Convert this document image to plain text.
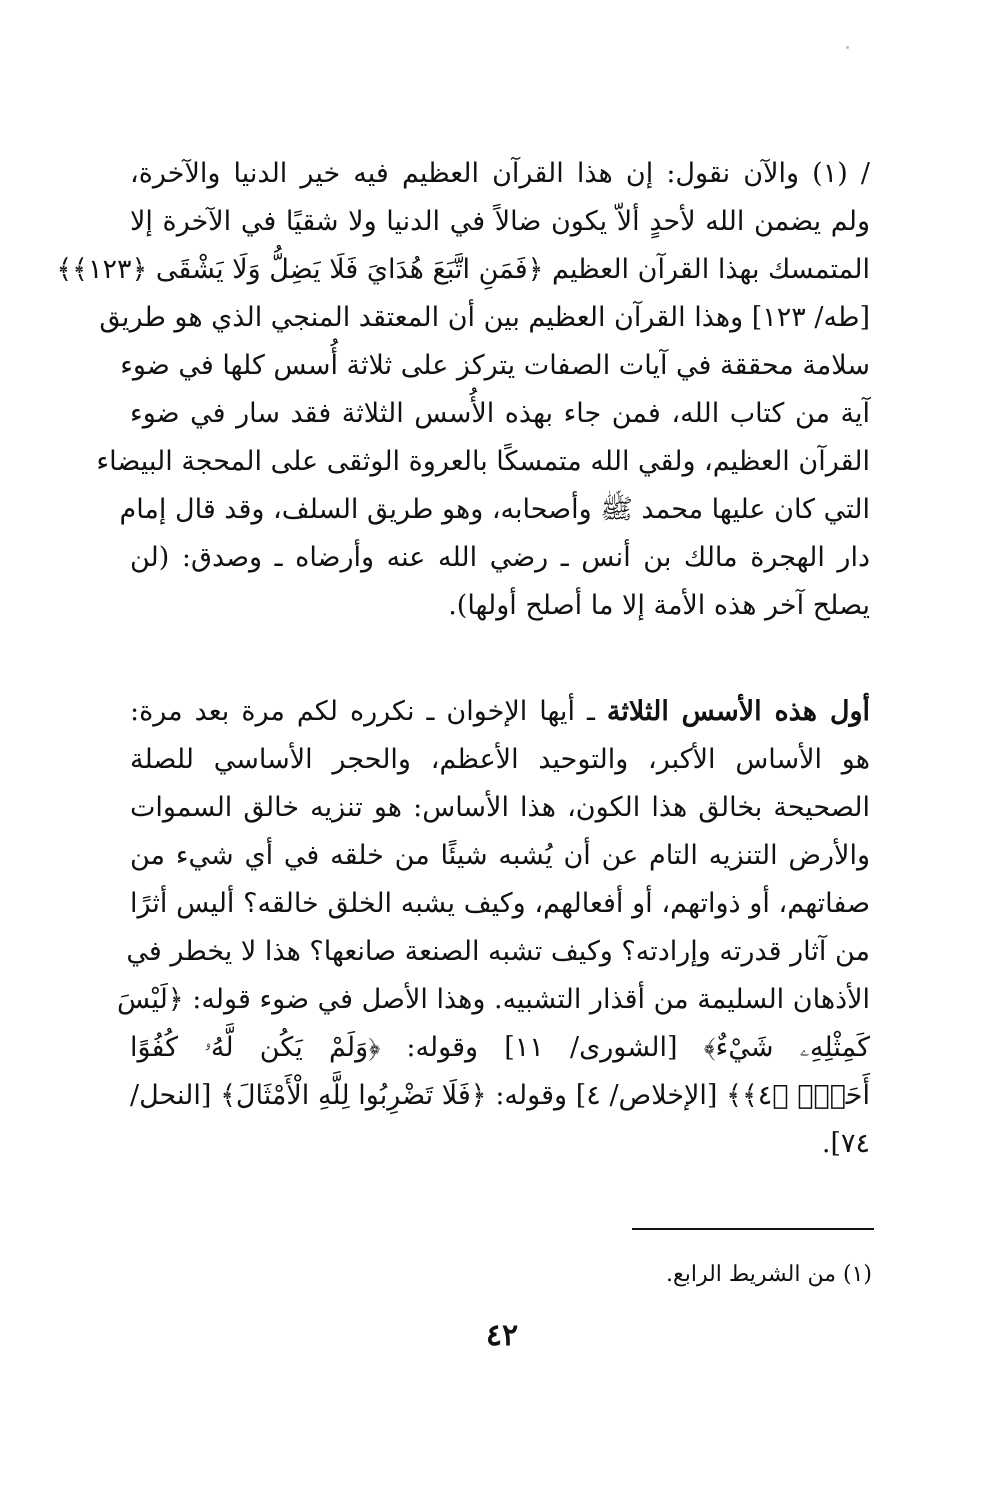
/ (١) والآن نقول: إن هذا القرآن العظيم فيه خير الدنيا والآخرة،
ولم يضمن الله لأحدٍ ألاّ يكون ضالاً في الدنيا ولا شقيًا في الآخرة إلا
المتمسك بهذا القرآن العظيم ﴿فَمَنِ اتَّبَعَ هُدَايَ فَلَا يَضِلُّ وَلَا يَشْقَى ﴿١٢٣﴾﴾
[طه/ ١٢٣] وهذا القرآن العظيم بين أن المعتقد المنجي الذي هو طريق
سلامة محققة في آيات الصفات يتركز على ثلاثة أُسس كلها في ضوء
آية من كتاب الله، فمن جاء بهذه الأُسس الثلاثة فقد سار في ضوء
القرآن العظيم، ولقي الله متمسكًا بالعروة الوثقى على المحجة البيضاء
التي كان عليها محمد ﷺ وأصحابه، وهو طريق السلف، وقد قال إمام
دار الهجرة مالك بن أنس ـ رضي الله عنه وأرضاه ـ وصدق: (لن
يصلح آخر هذه الأمة إلا ما أصلح أولها).
أول هذه الأسس الثلاثة ـ أيها الإخوان ـ نكرره لكم مرة بعد مرة:
هو الأساس الأكبر، والتوحيد الأعظم، والحجر الأساسي للصلة
الصحيحة بخالق هذا الكون، هذا الأساس: هو تنزيه خالق السموات
والأرض التنزيه التام عن أن يُشبه شيئًا من خلقه في أي شيء من
صفاتهم، أو ذواتهم، أو أفعالهم، وكيف يشبه الخلق خالقه؟ أليس أثرًا
من آثار قدرته وإرادته؟ وكيف تشبه الصنعة صانعها؟ هذا لا يخطر في
الأذهان السليمة من أقذار التشبيه. وهذا الأصل في ضوء قوله: ﴿لَيْسَ
كَمِثْلِهِۦ شَيْءٌ﴾ [الشورى/ ١١] وقوله: ﴿وَلَمْ يَكُن لَّهُۥ كُفُوًا
أَحَدٌۢ ﴿٤﴾﴾ [الإخلاص/ ٤] وقوله: ﴿فَلَا تَضْرِبُوا لِلَّهِ الْأَمْثَالَ﴾ [النحل/
٧٤].
(١) من الشريط الرابع.
٤٢
